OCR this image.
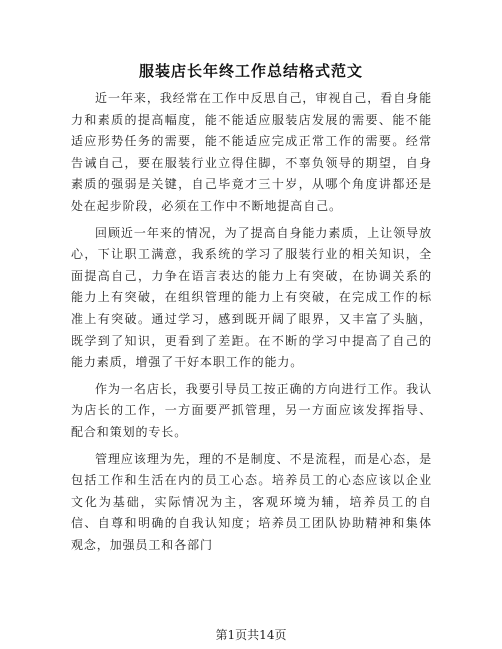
服装店长年终工作总结格式范文

近一年来，我经常在工作中反思自己，审视自己，看自身能力和素质的提高幅度，能不能适应服装店发展的需要、能不能适应形势任务的需要，能不能适应完成正常工作的需要。经常告诫自己，要在服装行业立得住脚，不辜负领导的期望，自身素质的强弱是关键，自己毕竟才三十岁，从哪个角度讲都还是处在起步阶段，必须在工作中不断地提高自己。

回顾近一年来的情况，为了提高自身能力素质，上让领导放心，下让职工满意，我系统的学习了服装行业的相关知识，全面提高自己，力争在语言表达的能力上有突破，在协调关系的能力上有突破，在组织管理的能力上有突破，在完成工作的标准上有突破。通过学习，感到既开阔了眼界，又丰富了头脑，既学到了知识，更看到了差距。在不断的学习中提高了自己的能力素质，增强了干好本职工作的能力。

作为一名店长，我要引导员工按正确的方向进行工作。我认为店长的工作，一方面要严抓管理，另一方面应该发挥指导、配合和策划的专长。

管理应该理为先，理的不是制度、不是流程，而是心态，是包括工作和生活在内的员工心态。培养员工的心态应该以企业文化为基础，实际情况为主，客观环境为辅，培养员工的自信、自尊和明确的自我认知度；培养员工团队协助精神和集体观念，加强员工和各部门

第1页共14页
